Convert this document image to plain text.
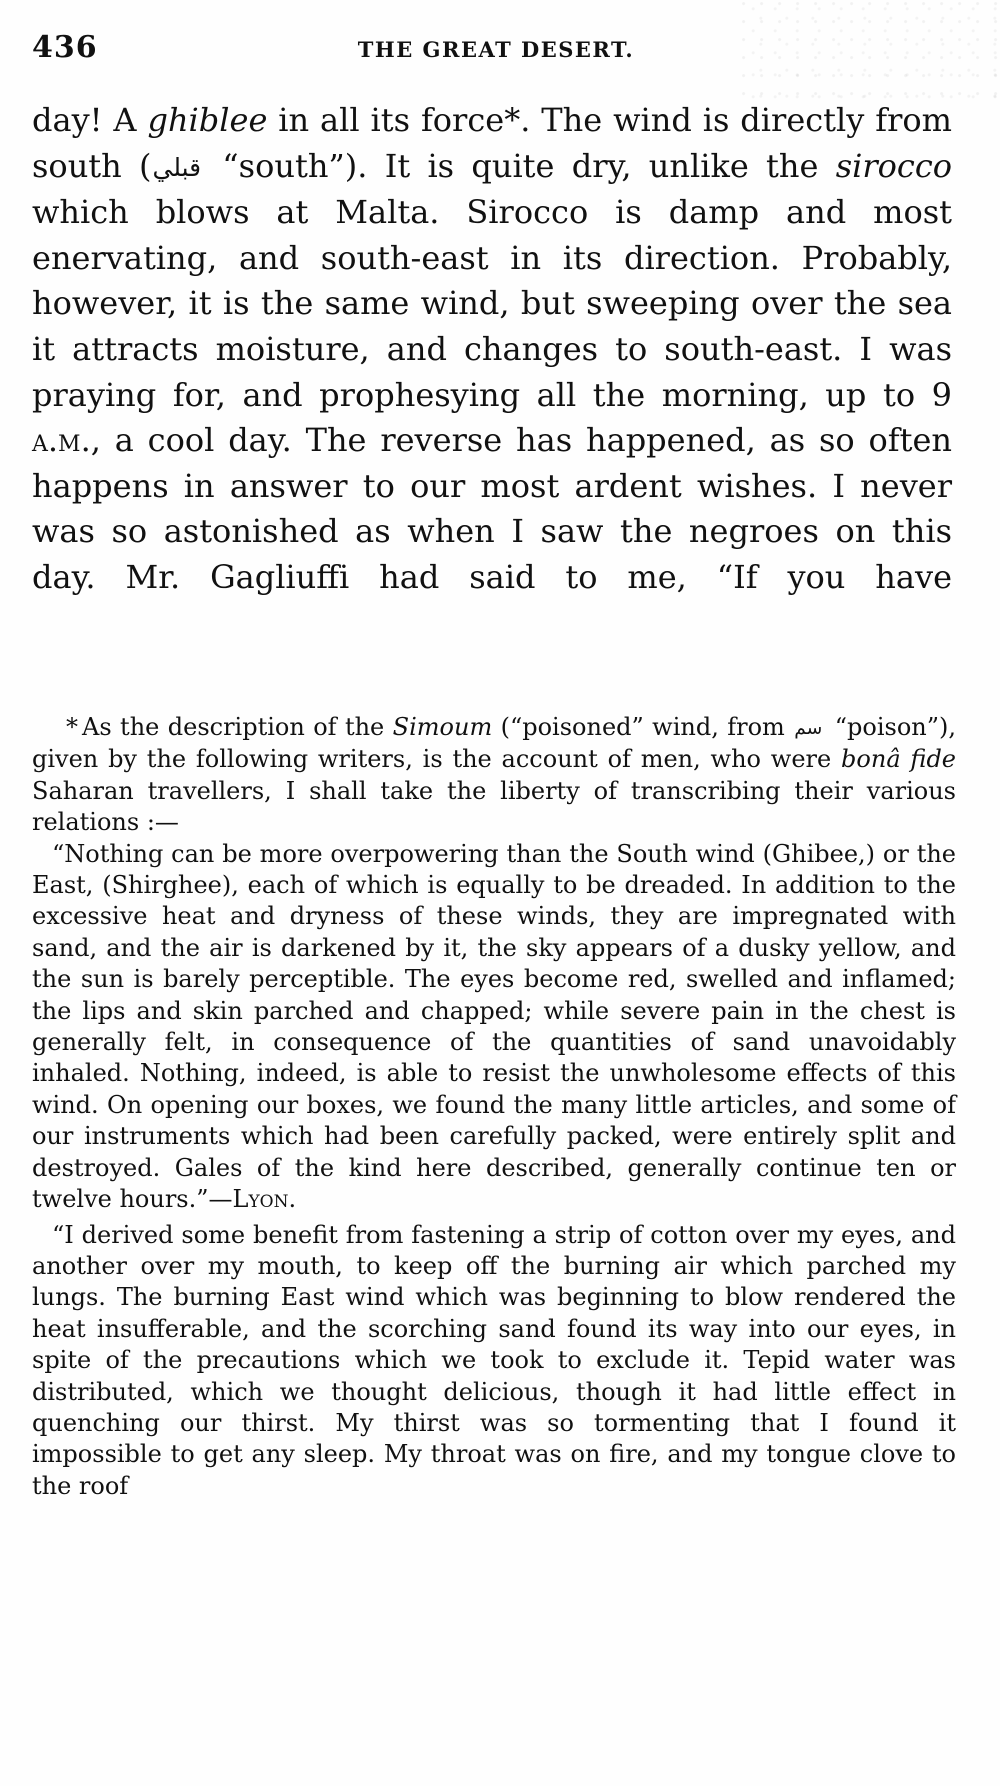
436	THE GREAT DESERT.

day! A ghiblee in all its force*. The wind is directly from south (قبلي “south”). It is quite dry, unlike the sirocco which blows at Malta. Sirocco is damp and most enervating, and south-east in its direction. Probably, however, it is the same wind, but sweeping over the sea it attracts moisture, and changes to south-east. I was praying for, and prophesying all the morning, up to 9 a.m., a cool day. The reverse has happened, as so often happens in answer to our most ardent wishes. I never was so astonished as when I saw the negroes on this day. Mr. Gagliuffi had said to me, “If you have

* As the description of the Simoum (“poisoned” wind, from سم “poison”), given by the following writers, is the account of men, who were bonâ fide Saharan travellers, I shall take the liberty of transcribing their various relations :—

“Nothing can be more overpowering than the South wind (Ghibee,) or the East, (Shirghee), each of which is equally to be dreaded. In addition to the excessive heat and dryness of these winds, they are impregnated with sand, and the air is darkened by it, the sky appears of a dusky yellow, and the sun is barely perceptible. The eyes become red, swelled and inflamed; the lips and skin parched and chapped; while severe pain in the chest is generally felt, in consequence of the quantities of sand unavoidably inhaled. Nothing, indeed, is able to resist the unwholesome effects of this wind. On opening our boxes, we found the many little articles, and some of our instruments which had been carefully packed, were entirely split and destroyed. Gales of the kind here described, generally continue ten or twelve hours.”—Lyon.

“I derived some benefit from fastening a strip of cotton over my eyes, and another over my mouth, to keep off the burning air which parched my lungs. The burning East wind which was beginning to blow rendered the heat insufferable, and the scorching sand found its way into our eyes, in spite of the precautions which we took to exclude it. Tepid water was distributed, which we thought delicious, though it had little effect in quenching our thirst. My thirst was so tormenting that I found it impossible to get any sleep. My throat was on fire, and my tongue clove to the roof
